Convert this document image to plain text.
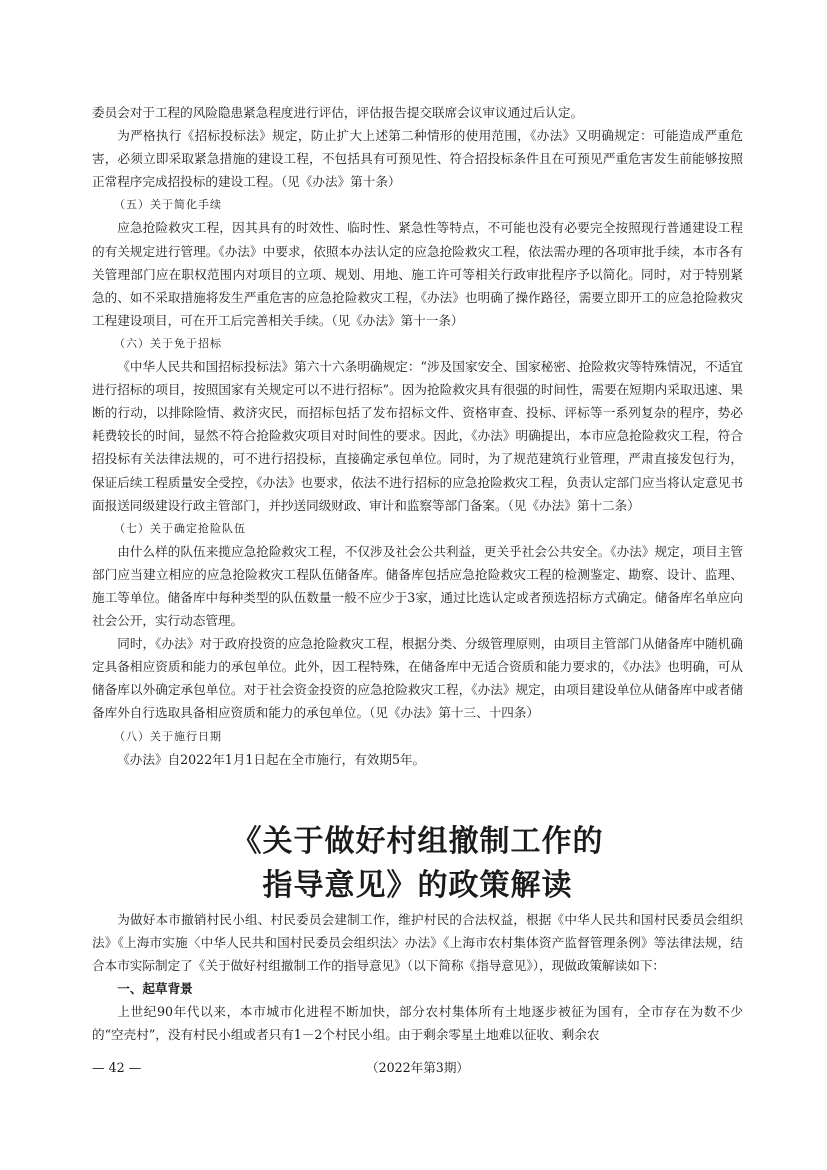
委员会对于工程的风险隐患紧急程度进行评估，评估报告提交联席会议审议通过后认定。

为严格执行《招标投标法》规定，防止扩大上述第二种情形的使用范围，《办法》又明确规定：可能造成严重危害，必须立即采取紧急措施的建设工程，不包括具有可预见性、符合招投标条件且在可预见严重危害发生前能够按照正常程序完成招投标的建设工程。（见《办法》第十条）

（五）关于简化手续

应急抢险救灾工程，因其具有的时效性、临时性、紧急性等特点，不可能也没有必要完全按照现行普通建设工程的有关规定进行管理。《办法》中要求，依照本办法认定的应急抢险救灾工程，依法需办理的各项审批手续，本市各有关管理部门应在职权范围内对项目的立项、规划、用地、施工许可等相关行政审批程序予以简化。同时，对于特别紧急的、如不采取措施将发生严重危害的应急抢险救灾工程，《办法》也明确了操作路径，需要立即开工的应急抢险救灾工程建设项目，可在开工后完善相关手续。（见《办法》第十一条）

（六）关于免于招标

《中华人民共和国招标投标法》第六十六条明确规定：“涉及国家安全、国家秘密、抢险救灾等特殊情况，不适宜进行招标的项目，按照国家有关规定可以不进行招标”。因为抢险救灾具有很强的时间性，需要在短期内采取迅速、果断的行动，以排除险情、救济灾民，而招标包括了发布招标文件、资格审查、投标、评标等一系列复杂的程序，势必耗费较长的时间，显然不符合抢险救灾项目对时间性的要求。因此，《办法》明确提出，本市应急抢险救灾工程，符合招投标有关法律法规的，可不进行招投标，直接确定承包单位。同时，为了规范建筑行业管理，严肃直接发包行为，保证后续工程质量安全受控，《办法》也要求，依法不进行招标的应急抢险救灾工程，负责认定部门应当将认定意见书面报送同级建设行政主管部门，并抄送同级财政、审计和监察等部门备案。（见《办法》第十二条）

（七）关于确定抢险队伍

由什么样的队伍来揽应急抢险救灾工程，不仅涉及社会公共利益，更关乎社会公共安全。《办法》规定，项目主管部门应当建立相应的应急抢险救灾工程队伍储备库。储备库包括应急抢险救灾工程的检测鉴定、勘察、设计、监理、施工等单位。储备库中每种类型的队伍数量一般不应少于3家，通过比选认定或者预选招标方式确定。储备库名单应向社会公开，实行动态管理。

同时，《办法》对于政府投资的应急抢险救灾工程，根据分类、分级管理原则，由项目主管部门从储备库中随机确定具备相应资质和能力的承包单位。此外，因工程特殊，在储备库中无适合资质和能力要求的，《办法》也明确，可从储备库以外确定承包单位。对于社会资金投资的应急抢险救灾工程，《办法》规定，由项目建设单位从储备库中或者储备库外自行选取具备相应资质和能力的承包单位。（见《办法》第十三、十四条）

（八）关于施行日期

《办法》自2022年1月1日起在全市施行，有效期5年。

《关于做好村组撤制工作的
指导意见》的政策解读

为做好本市撤销村民小组、村民委员会建制工作，维护村民的合法权益，根据《中华人民共和国村民委员会组织法》《上海市实施〈中华人民共和国村民委员会组织法〉办法》《上海市农村集体资产监督管理条例》等法律法规，结合本市实际制定了《关于做好村组撤制工作的指导意见》（以下简称《指导意见》），现做政策解读如下：

一、起草背景

上世纪90年代以来，本市城市化进程不断加快，部分农村集体所有土地逐步被征为国有，全市存在为数不少的“空壳村”，没有村民小组或者只有1－2个村民小组。由于剩余零星土地难以征收、剩余农

（2022年第3期）
— 42 —
